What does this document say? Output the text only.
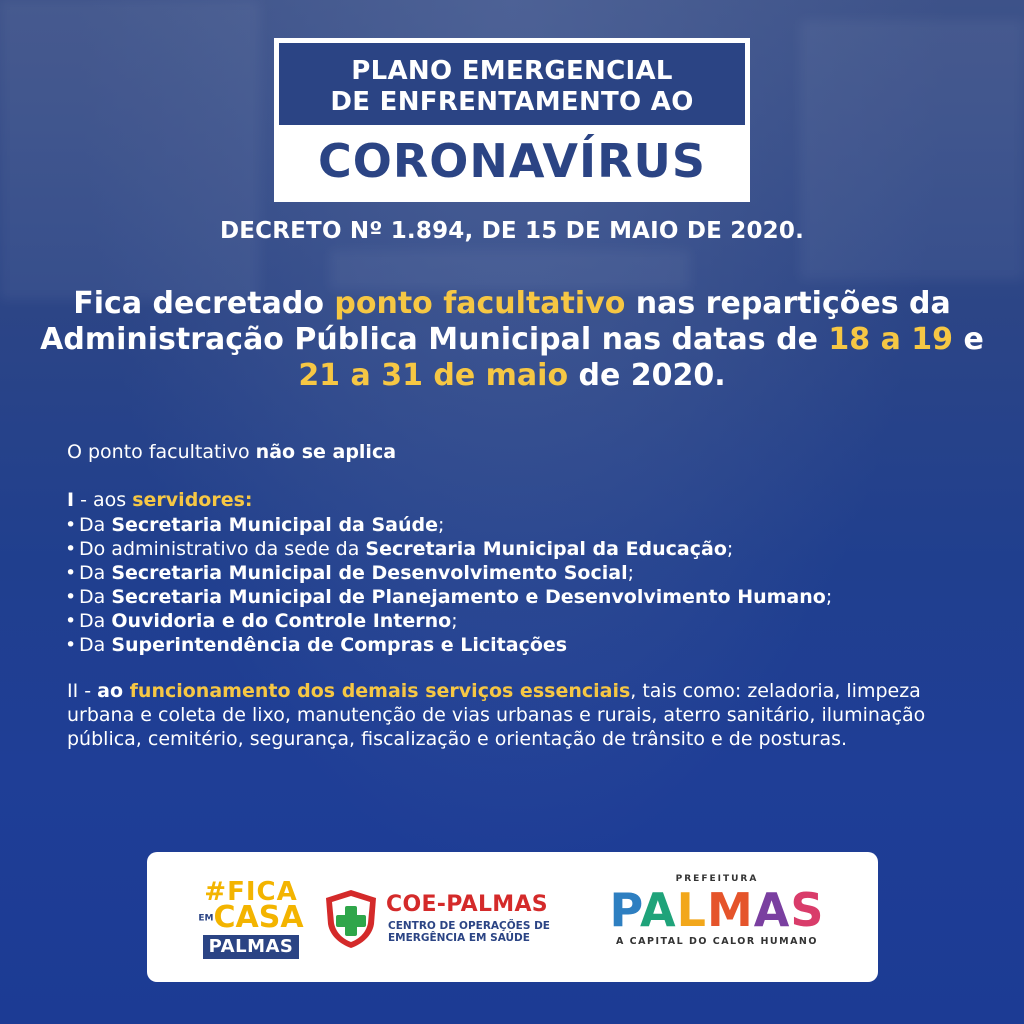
PLANO EMERGENCIAL
DE ENFRENTAMENTO AO
CORONAVÍRUS
DECRETO Nº 1.894, DE 15 DE MAIO DE 2020.
Fica decretado ponto facultativo nas repartições da Administração Pública Municipal nas datas de 18 a 19 e 21 a 31 de maio de 2020.
O ponto facultativo não se aplica
I - aos servidores:
• Da Secretaria Municipal da Saúde;
• Do administrativo da sede da Secretaria Municipal da Educação;
• Da Secretaria Municipal de Desenvolvimento Social;
• Da Secretaria Municipal de Planejamento e Desenvolvimento Humano;
• Da Ouvidoria e do Controle Interno;
• Da Superintendência de Compras e Licitações
II - ao funcionamento dos demais serviços essenciais, tais como: zeladoria, limpeza urbana e coleta de lixo, manutenção de vias urbanas e rurais, aterro sanitário, iluminação pública, cemitério, segurança, fiscalização e orientação de trânsito e de posturas.
#FICA
EMCASA
PALMAS
COE-PALMAS
CENTRO DE OPERAÇÕES DE
EMERGÊNCIA EM SAÚDE
PREFEITURA
PALMAS
A CAPITAL DO CALOR HUMANO
